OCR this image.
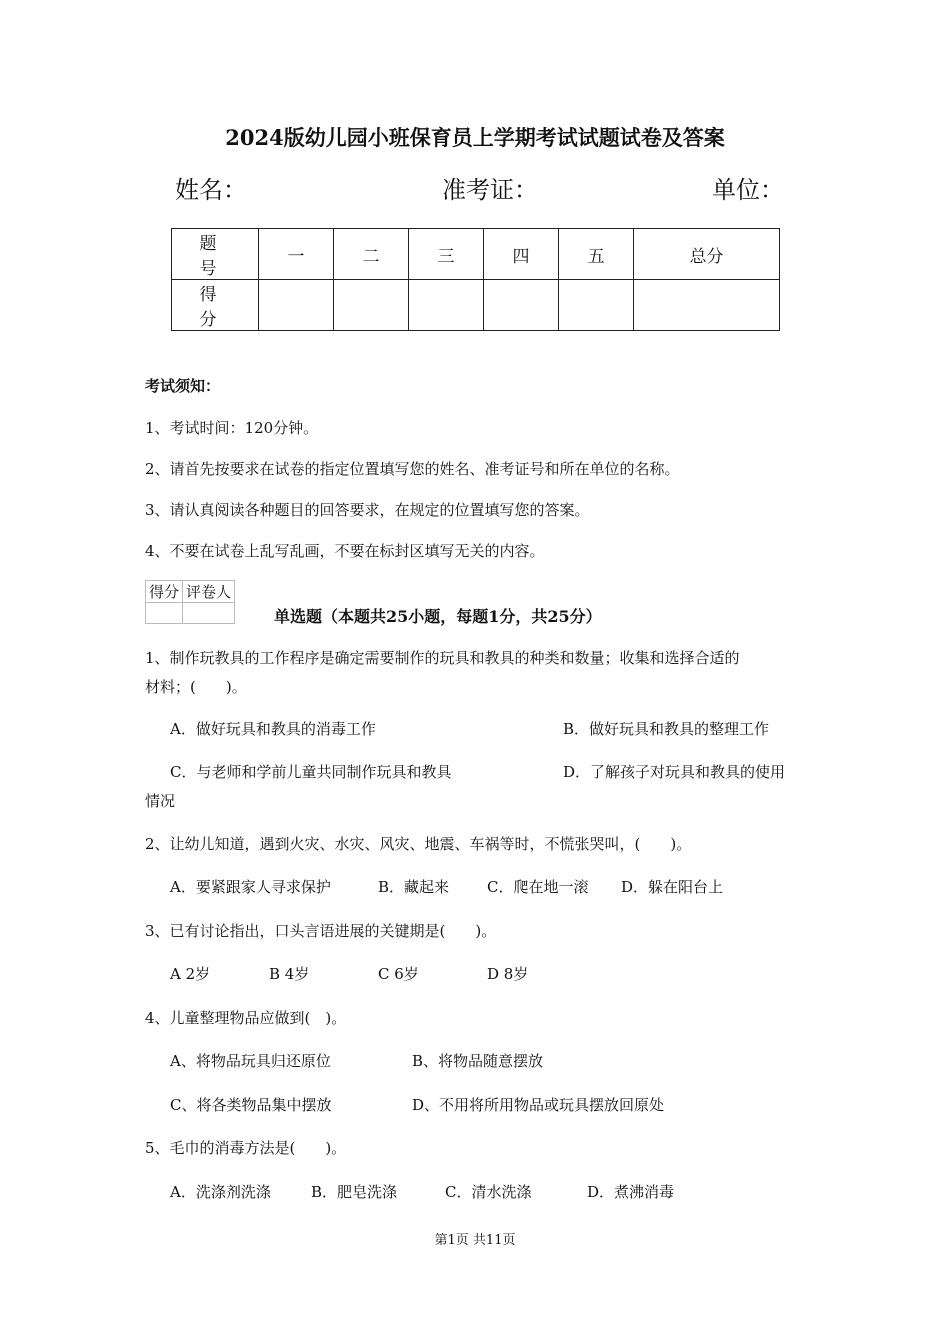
2024版幼儿园小班保育员上学期考试试题试卷及答案
姓名：	准考证：	单位：
题　号	一	二	三	四	五	总分
得　分						
考试须知：
1、考试时间：120分钟。
2、请首先按要求在试卷的指定位置填写您的姓名、准考证号和所在单位的名称。
3、请认真阅读各种题目的回答要求，在规定的位置填写您的答案。
4、不要在试卷上乱写乱画，不要在标封区填写无关的内容。
得分	评卷人

单选题（本题共25小题，每题1分，共25分）
1、制作玩教具的工作程序是确定需要制作的玩具和教具的种类和数量；收集和选择合适的
材料；(　　)。
A．做好玩具和教具的消毒工作	B．做好玩具和教具的整理工作
C．与老师和学前儿童共同制作玩具和教具	D．了解孩子对玩具和教具的使用
情况
2、让幼儿知道，遇到火灾、水灾、风灾、地震、车祸等时，不慌张哭叫，(　　)。
A．要紧跟家人寻求保护	B．藏起来	C．爬在地一滚 D．躲在阳台上
3、已有讨论指出，口头言语进展的关键期是(　　)。
A 2岁	B 4岁	C 6岁	D 8岁
4、儿童整理物品应做到(　)。
A、将物品玩具归还原位	B、将物品随意摆放
C、将各类物品集中摆放	D、不用将所用物品或玩具摆放回原处
5、毛巾的消毒方法是(　　)。
A．洗涤剂洗涤	B．肥皂洗涤	C．清水洗涤	D．煮沸消毒
第1页 共11页
